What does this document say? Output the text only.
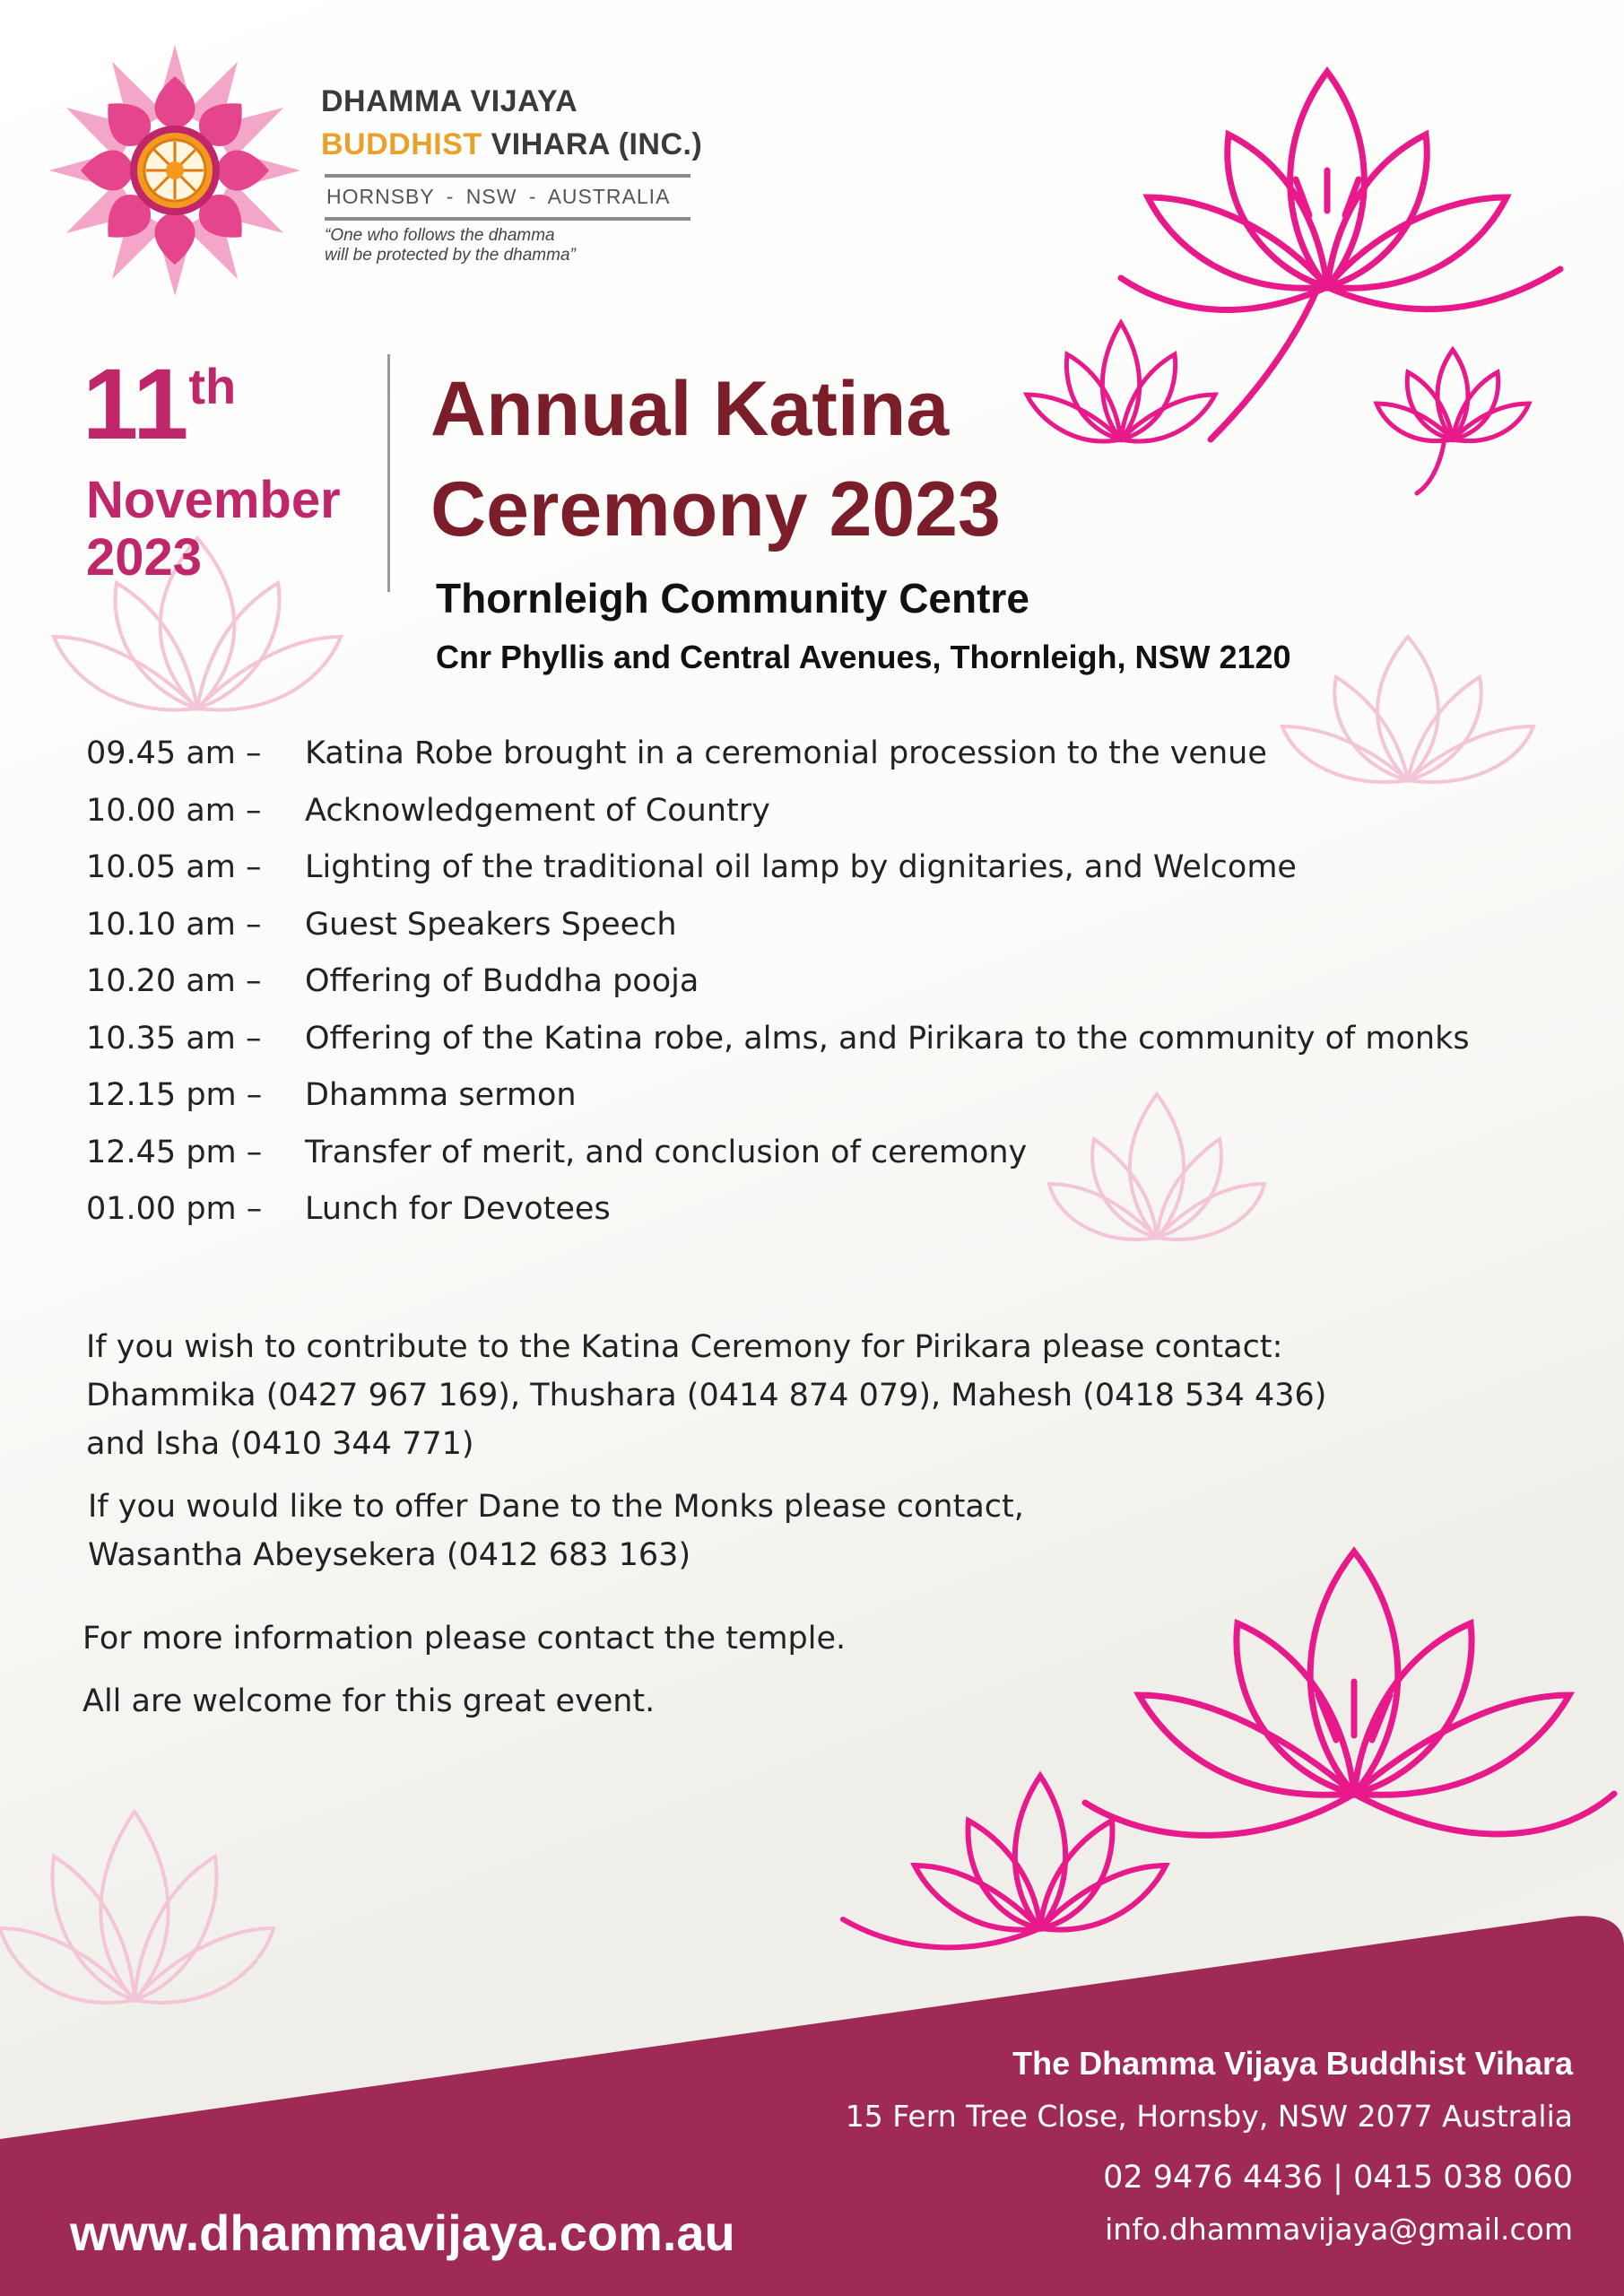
DHAMMA VIJAYA
BUDDHIST VIHARA (INC.)
HORNSBY - NSW - AUSTRALIA
“One who follows the dhamma
will be protected by the dhamma”
11th
November
2023
Annual Katina
Ceremony 2023
Thornleigh Community Centre
Cnr Phyllis and Central Avenues, Thornleigh, NSW 2120
09.45 am – Katina Robe brought in a ceremonial procession to the venue
10.00 am – Acknowledgement of Country
10.05 am – Lighting of the traditional oil lamp by dignitaries, and Welcome
10.10 am – Guest Speakers Speech
10.20 am – Offering of Buddha pooja
10.35 am – Offering of the Katina robe, alms, and Pirikara to the community of monks
12.15 pm – Dhamma sermon
12.45 pm – Transfer of merit, and conclusion of ceremony
01.00 pm – Lunch for Devotees
If you wish to contribute to the Katina Ceremony for Pirikara please contact:
Dhammika (0427 967 169), Thushara (0414 874 079), Mahesh (0418 534 436)
and Isha (0410 344 771)
If you would like to offer Dane to the Monks please contact,
Wasantha Abeysekera (0412 683 163)
For more information please contact the temple.
All are welcome for this great event.
The Dhamma Vijaya Buddhist Vihara
15 Fern Tree Close, Hornsby, NSW 2077 Australia
02 9476 4436 | 0415 038 060
info.dhammavijaya@gmail.com
www.dhammavijaya.com.au
